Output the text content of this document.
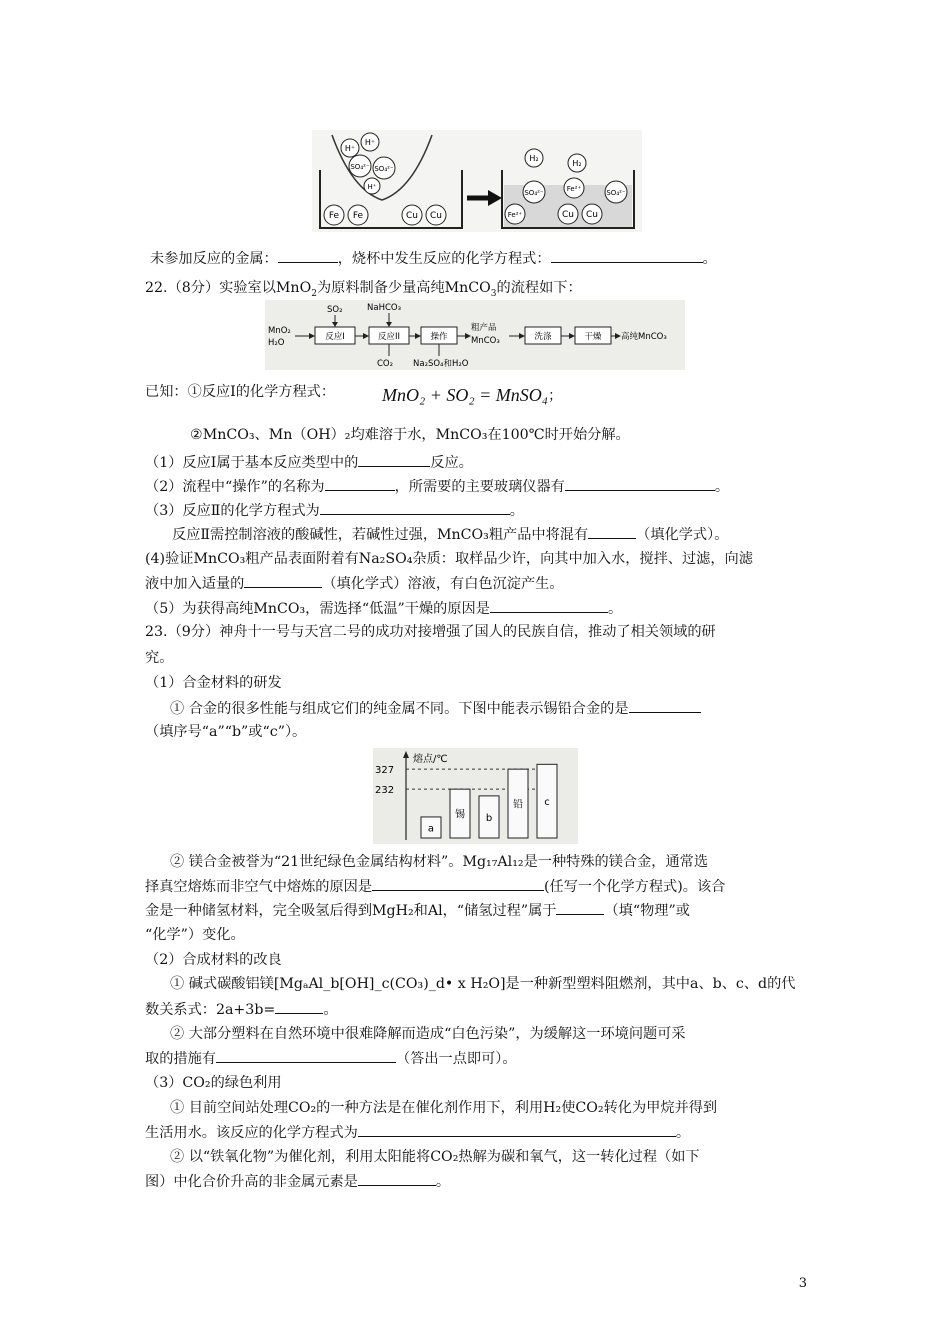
H⁺
H⁺
SO₄²⁻ SO₄²⁻
H⁺
Fe Fe	Cu Cu
H₂
H₂
SO₄²⁻	Fe²⁺	SO₄²⁻
Fe²⁺	Cu Cu
未参加反应的金属：	，烧杯中发生反应的化学方程式：	。
22.（8分）实验室以MnO$_2$为原料制备少量高纯MnCO$_3$的流程如下：
MnO₂
H₂O
反应I
SO₂
反应II
NaHCO₃
CO₂
操作
Na₂SO₄和H₂O
粗产品
MnCO₃	洗涤	干燥 高纯MnCO₃
已知：①反应Ⅰ的化学方程式：	MnO₂ + SO₂ = MnSO₄；
②MnCO₃、Mn（OH）₂均难溶于水，MnCO₃在100℃时开始分解。
（1）反应Ⅰ属于基本反应类型中的	反应。
（2）流程中“操作”的名称为	，所需要的主要玻璃仪器有	。
（3）反应Ⅱ的化学方程式为	。
反应Ⅱ需控制溶液的酸碱性，若碱性过强，MnCO₃粗产品中将混有	（填化学式）。
(4)验证MnCO₃粗产品表面附着有Na₂SO₄杂质：取样品少许，向其中加入水，搅拌、过滤，向滤
液中加入适量的	（填化学式）溶液，有白色沉淀产生。
（5）为获得高纯MnCO₃，需选择“低温”干燥的原因是	。
23.（9分）神舟十一号与天宫二号的成功对接增强了国人的民族自信，推动了相关领域的研
究。
（1）合金材料的研发
① 合金的很多性能与组成它们的纯金属不同。下图中能表示锡铅合金的是
（填序号“a”“b”或“c”）。
熔点/℃
232
327
a
锡 b
铅 c
② 镁合金被誉为“21世纪绿色金属结构材料”。Mg₁₇Al₁₂是一种特殊的镁合金，通常选
择真空熔炼而非空气中熔炼的原因是	(任写一个化学方程式)。该合
金是一种储氢材料，完全吸氢后得到MgH₂和Al，“储氢过程”属于	（填“物理”或
“化学”）变化。
（2）合成材料的改良
① 碱式碳酸铝镁[MgₐAl_b[OH]_c(CO₃)_d• x H₂O]是一种新型塑料阻燃剂，其中a、b、c、d的代
数关系式：2a+3b=	。
② 大部分塑料在自然环境中很难降解而造成“白色污染”，为缓解这一环境问题可采
取的措施有	（答出一点即可）。
（3）CO₂的绿色利用
① 目前空间站处理CO₂的一种方法是在催化剂作用下，利用H₂使CO₂转化为甲烷并得到
生活用水。该反应的化学方程式为	。
② 以“铁氧化物”为催化剂，利用太阳能将CO₂热解为碳和氧气，这一转化过程（如下
图）中化合价升高的非金属元素是	。
3
